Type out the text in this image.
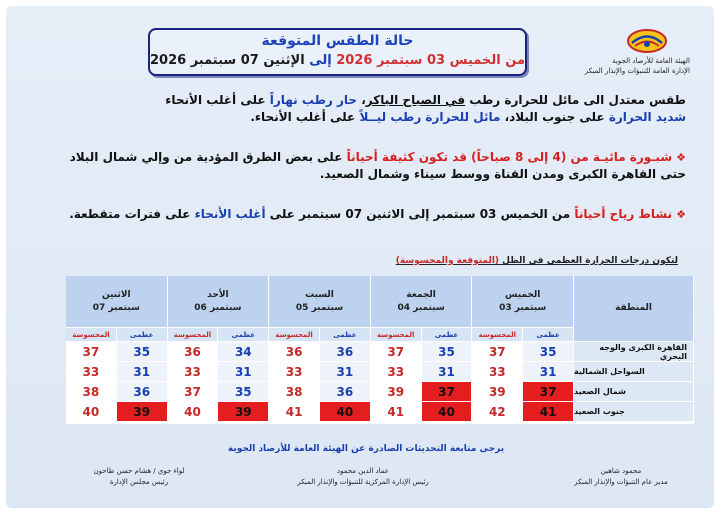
حالة الطقس المتوقعة
من الخميس 03 سبتمبر 2026 إلى الإثنين 07 سبتمبر 2026	الهيئة العامة للأرصاد الجوية
الإدارة العامة للتنبؤات والإنذار المبكر
طقس معتدل الى مائل للحرارة رطب في الصباح الباكر، حار رطب نهاراً على أغلب الأنحاء
شديد الحرارة على جنوب البلاد، مائل للحرارة رطب ليــلاً على أغلب الأنحاء.
❖شبـورة مائيـة من (4 إلى 8 صباحاً) قد تكون كثيفة أحياناً على بعض الطرق المؤدية من وإلي شمال البلاد
حتى القاهرة الكبرى ومدن القناة ووسط سيناء وشمال الصعيد.
❖نشاط رياح أحياناً من الخميس 03 سبتمبر إلى الاثنين 07 سبتمبر على أغلب الأنحاء على فترات متقطعة.
لتكون درجات الحرارة العظمى في الظل (المتوقعة والمحسوسة)
المنطقة
الخميس
03 سبتمبر
عظمى
المحسوسة
الجمعة
04 سبتمبر
عظمى
المحسوسة
السبت
05 سبتمبر
عظمى
المحسوسة
الأحد
06 سبتمبر
عظمى
المحسوسة
الاثنين
07 سبتمبر
عظمى
المحسوسة
القاهرة الكبرى والوجه البحري
35
37
35
37
36
36
34
36
35
37
السواحل الشمالية
31
33
31
33
31
33
31
33
31
33
شمال الصعيد
37
39
37
39
36
38
35
37
36
38
جنوب الصعيد
41
42
40
41
40
41
39
40
39
40
يرجى متابعة التحديثات الصادرة عن الهيئة العامة للأرصاد الجوية
محمود شاهين
مدير عام التنبؤات والإنذار المبكر
عماد الدين محمود
رئيس الإدارة المركزية للتنبؤات والإنذار المبكر
لواء جوي / هشام حسن طاحون
رئيس مجلس الإدارة
